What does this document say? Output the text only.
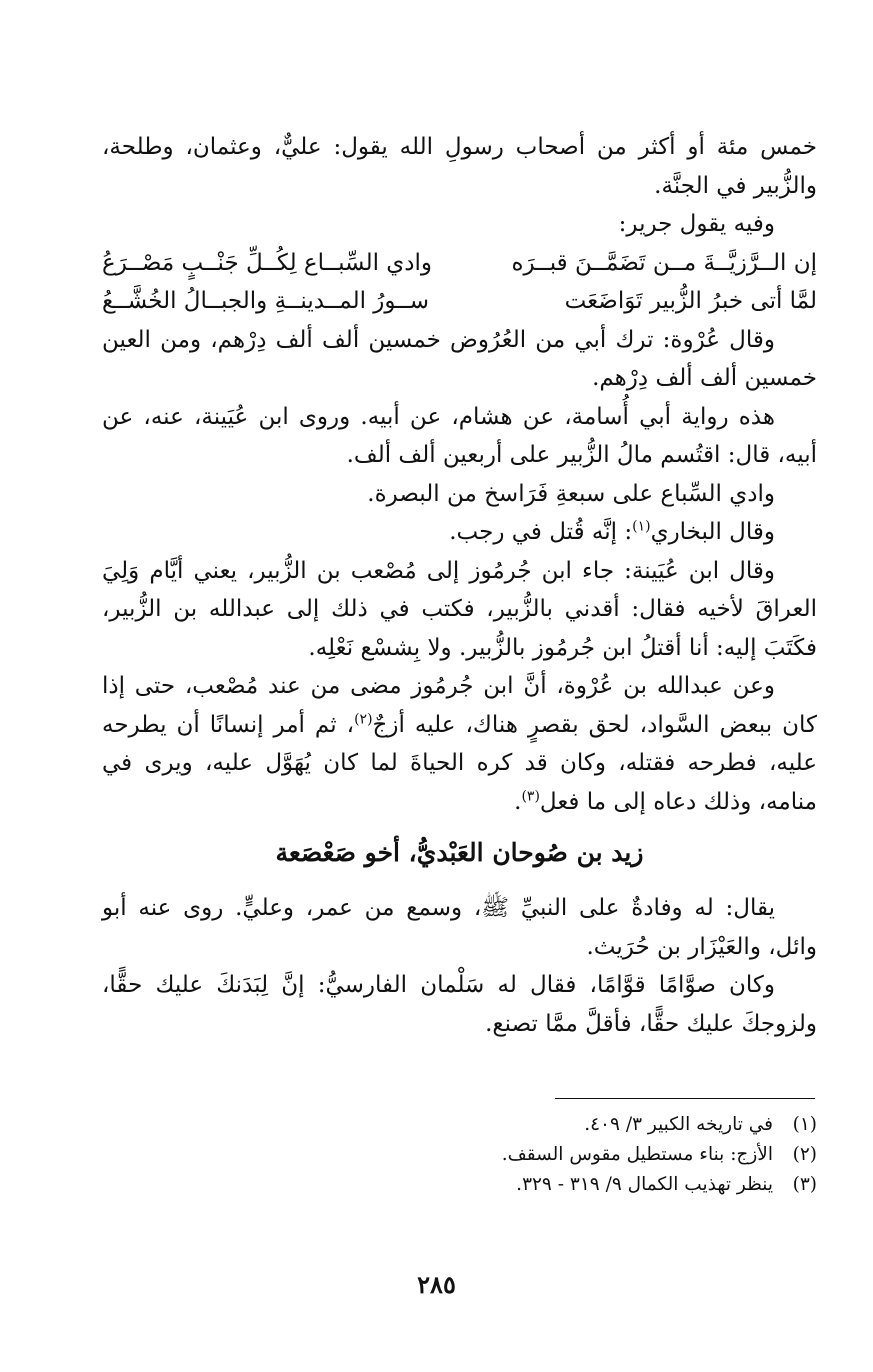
خمس مئة أو أكثر من أصحاب رسولِ الله يقول: عليٌّ، وعثمان، وطلحة، والزُّبير في الجنَّة.

وفيه يقول جرير:

إن الــرَّزيَّــةَ مــن تَضَمَّــنَ قبــرَه
وادي السِّبــاع لِكُــلِّ جَنْــبٍ مَصْــرَعُ
لمَّا أتى خبرُ الزُّبير تَوَاضَعَت
ســورُ المــدينــةِ والجبــالُ الخُشَّــعُ

وقال عُرْوة: ترك أبي من العُرُوض خمسين ألف ألف دِرْهم، ومن العين خمسين ألف ألف دِرْهم.

هذه رواية أبي أُسامة، عن هشام، عن أبيه. وروى ابن عُيَينة، عنه، عن أبيه، قال: اقتُسم مالُ الزُّبير على أربعين ألف ألف.

وادي السِّباع على سبعةِ فَرَاسخ من البصرة.

وقال البخاري$^{(١)}$: إنَّه قُتل في رجب.

وقال ابن عُيَينة: جاء ابن جُرمُوز إلى مُصْعب بن الزُّبير، يعني أيَّام وَلِيَ العراقَ لأخيه فقال: أقدني بالزُّبير، فكتب في ذلك إلى عبدالله بن الزُّبير، فكَتَبَ إليه: أنا أقتلُ ابن جُرمُوز بالزُّبير. ولا بِشسْع نَعْلِه.

وعن عبدالله بن عُرْوة، أنَّ ابن جُرمُوز مضى من عند مُصْعب، حتى إذا كان ببعض السَّواد، لحق بقصرٍ هناك، عليه أزجٌ$^{(٢)}$، ثم أمر إنسانًا أن يطرحه عليه، فطرحه فقتله، وكان قد كره الحياةَ لما كان يُهَوَّل عليه، ويرى في منامه، وذلك دعاه إلى ما فعل$^{(٣)}$.

زيد بن صُوحان العَبْديُّ، أخو صَعْصَعة

يقال: له وفادةٌ على النبيِّ ﷺ، وسمع من عمر، وعليٍّ. روى عنه أبو وائل، والعَيْزَار بن حُرَيث.

وكان صوَّامًا قوَّامًا، فقال له سَلْمان الفارسيُّ: إنَّ لِبَدَنكَ عليك حقًّا، ولزوجكَ عليك حقًّا، فأقلَّ ممَّا تصنع.

(١)
في تاريخه الكبير ٣/ ٤٠٩.
(٢)
الأزج: بناء مستطيل مقوس السقف.
(٣)
ينظر تهذيب الكمال ٩/ ٣١٩ - ٣٢٩.
٢٨٥
